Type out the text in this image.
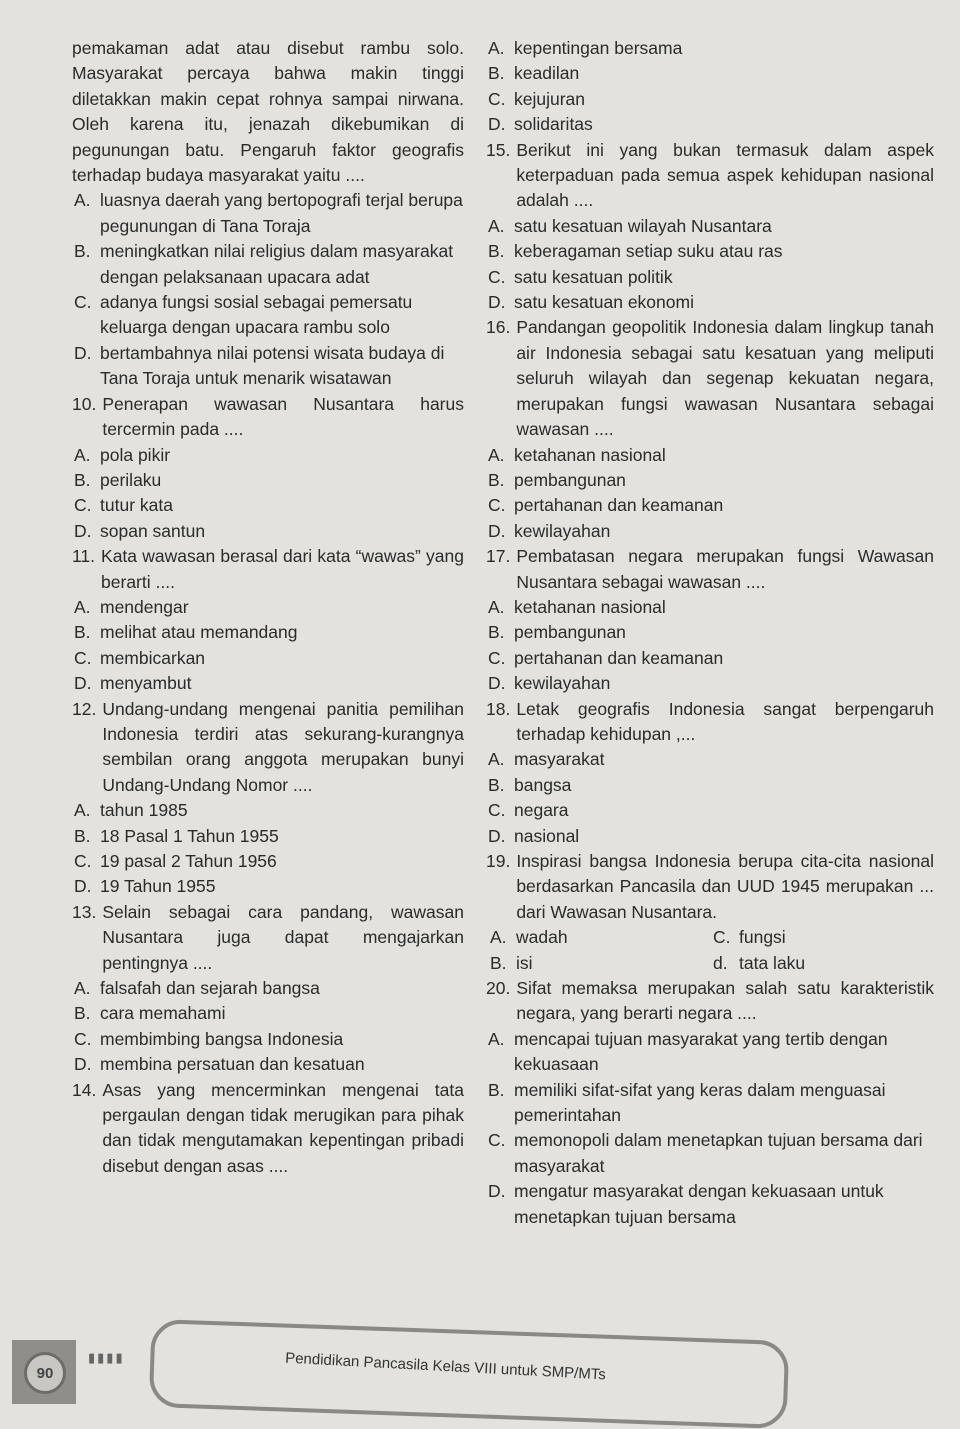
pemakaman adat atau disebut rambu solo. Masyarakat percaya bahwa makin tinggi diletakkan makin cepat rohnya sampai nirwana. Oleh karena itu, jenazah dikebumikan di pegunungan batu. Pengaruh faktor geografis terhadap budaya masyarakat yaitu ....
A. luasnya daerah yang bertopografi terjal berupa pegunungan di Tana Toraja
B. meningkatkan nilai religius dalam masyarakat dengan pelaksanaan upacara adat
C. adanya fungsi sosial sebagai pemersatu keluarga dengan upacara rambu solo
D. bertambahnya nilai potensi wisata budaya di Tana Toraja untuk menarik wisatawan
10. Penerapan wawasan Nusantara harus tercermin pada ....
A. pola pikir
B. perilaku
C. tutur kata
D. sopan santun
11. Kata wawasan berasal dari kata “wawas” yang berarti ....
A. mendengar
B. melihat atau memandang
C. membicarkan
D. menyambut
12. Undang-undang mengenai panitia pemilihan Indonesia terdiri atas sekurang-kurangnya sembilan orang anggota merupakan bunyi Undang-Undang Nomor ....
A. tahun 1985
B. 18 Pasal 1 Tahun 1955
C. 19 pasal 2 Tahun 1956
D. 19 Tahun 1955
13. Selain sebagai cara pandang, wawasan Nusantara juga dapat mengajarkan pentingnya ....
A. falsafah dan sejarah bangsa
B. cara memahami
C. membimbing bangsa Indonesia
D. membina persatuan dan kesatuan
14. Asas yang mencerminkan mengenai tata pergaulan dengan tidak merugikan para pihak dan tidak mengutamakan kepentingan pribadi disebut dengan asas ....
A. kepentingan bersama
B. keadilan
C. kejujuran
D. solidaritas
15. Berikut ini yang bukan termasuk dalam aspek keterpaduan pada semua aspek kehidupan nasional adalah ....
A. satu kesatuan wilayah Nusantara
B. keberagaman setiap suku atau ras
C. satu kesatuan politik
D. satu kesatuan ekonomi
16. Pandangan geopolitik Indonesia dalam lingkup tanah air Indonesia sebagai satu kesatuan yang meliputi seluruh wilayah dan segenap kekuatan negara, merupakan fungsi wawasan Nusantara sebagai wawasan ....
A. ketahanan nasional
B. pembangunan
C. pertahanan dan keamanan
D. kewilayahan
17. Pembatasan negara merupakan fungsi Wawasan Nusantara sebagai wawasan ....
A. ketahanan nasional
B. pembangunan
C. pertahanan dan keamanan
D. kewilayahan
18. Letak geografis Indonesia sangat berpengaruh terhadap kehidupan ,...
A. masyarakat
B. bangsa
C. negara
D. nasional
19. Inspirasi bangsa Indonesia berupa cita-cita nasional berdasarkan Pancasila dan UUD 1945 merupakan ... dari Wawasan Nusantara.
A. wadah	C. fungsi
B. isi	d. tata laku
20. Sifat memaksa merupakan salah satu karakteristik negara, yang berarti negara ....
A. mencapai tujuan masyarakat yang tertib dengan kekuasaan
B. memiliki sifat-sifat yang keras dalam menguasai pemerintahan
C. memonopoli dalam menetapkan tujuan bersama dari masyarakat
D. mengatur masyarakat dengan kekuasaan untuk menetapkan tujuan bersama
90
▮▮▮▮	Pendidikan Pancasila Kelas VIII untuk SMP/MTs
